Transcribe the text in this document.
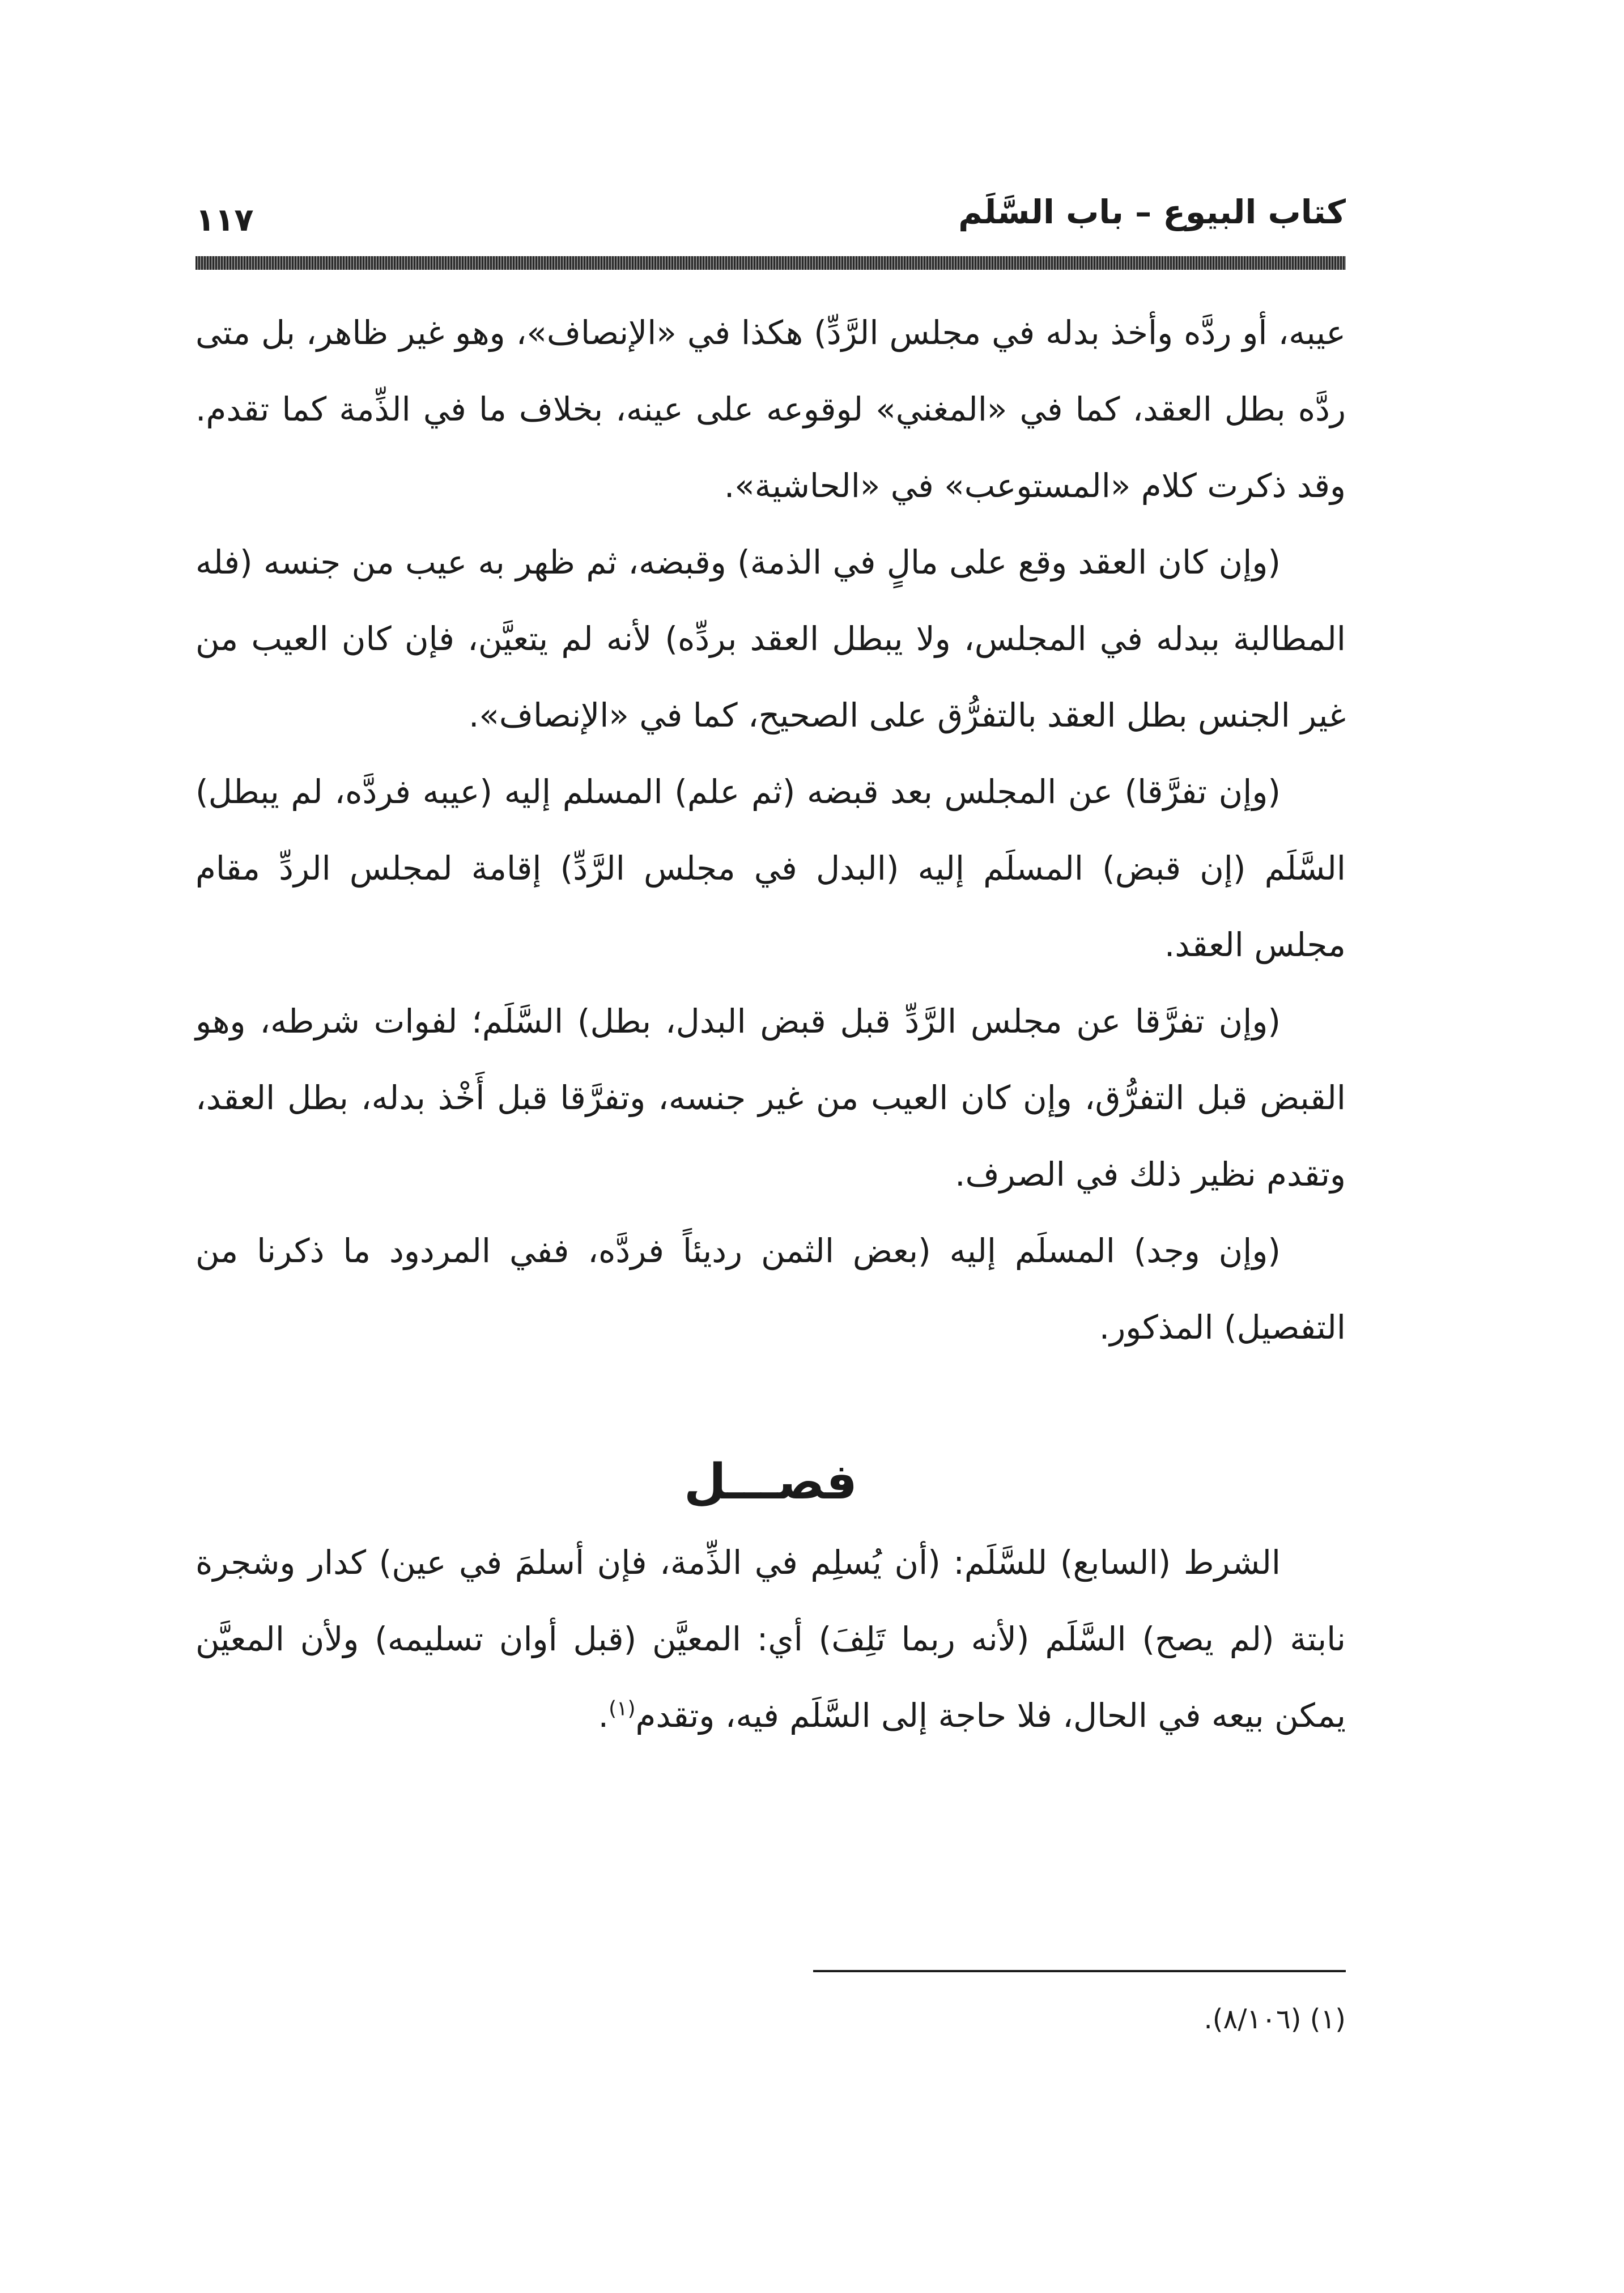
كتاب البيوع – باب السَّلَم
١١٧

عيبه، أو ردَّه وأخذ بدله في مجلس الرَّدِّ) هكذا في «الإنصاف»، وهو غير ظاهر، بل متى ردَّه بطل العقد، كما في «المغني» لوقوعه على عينه، بخلاف ما في الذِّمة كما تقدم. وقد ذكرت كلام «المستوعب» في «الحاشية».

(وإن كان العقد وقع على مالٍ في الذمة) وقبضه، ثم ظهر به عيب من جنسه (فله المطالبة ببدله في المجلس، ولا يبطل العقد بردِّه) لأنه لم يتعيَّن، فإن كان العيب من غير الجنس بطل العقد بالتفرُّق على الصحيح، كما في «الإنصاف».

(وإن تفرَّقا) عن المجلس بعد قبضه (ثم علم) المسلم إليه (عيبه فردَّه، لم يبطل) السَّلَم (إن قبض) المسلَم إليه (البدل في مجلس الرَّدِّ) إقامة لمجلس الردِّ مقام مجلس العقد.

(وإن تفرَّقا عن مجلس الرَّدِّ قبل قبض البدل، بطل) السَّلَم؛ لفوات شرطه، وهو القبض قبل التفرُّق، وإن كان العيب من غير جنسه، وتفرَّقا قبل أَخْذ بدله، بطل العقد، وتقدم نظير ذلك في الصرف.

(وإن وجد) المسلَم إليه (بعض الثمن رديئاً فردَّه، ففي المردود ما ذكرنا من التفصيل) المذكور.

فصـــل

الشرط (السابع) للسَّلَم: (أن يُسلِم في الذِّمة، فإن أسلمَ في عين) كدار وشجرة نابتة (لم يصح) السَّلَم (لأنه ربما تَلِفَ) أي: المعيَّن (قبل أوان تسليمه) ولأن المعيَّن يمكن بيعه في الحال، فلا حاجة إلى السَّلَم فيه، وتقدم$^{(١)}$.

(١) (٨/١٠٦).
